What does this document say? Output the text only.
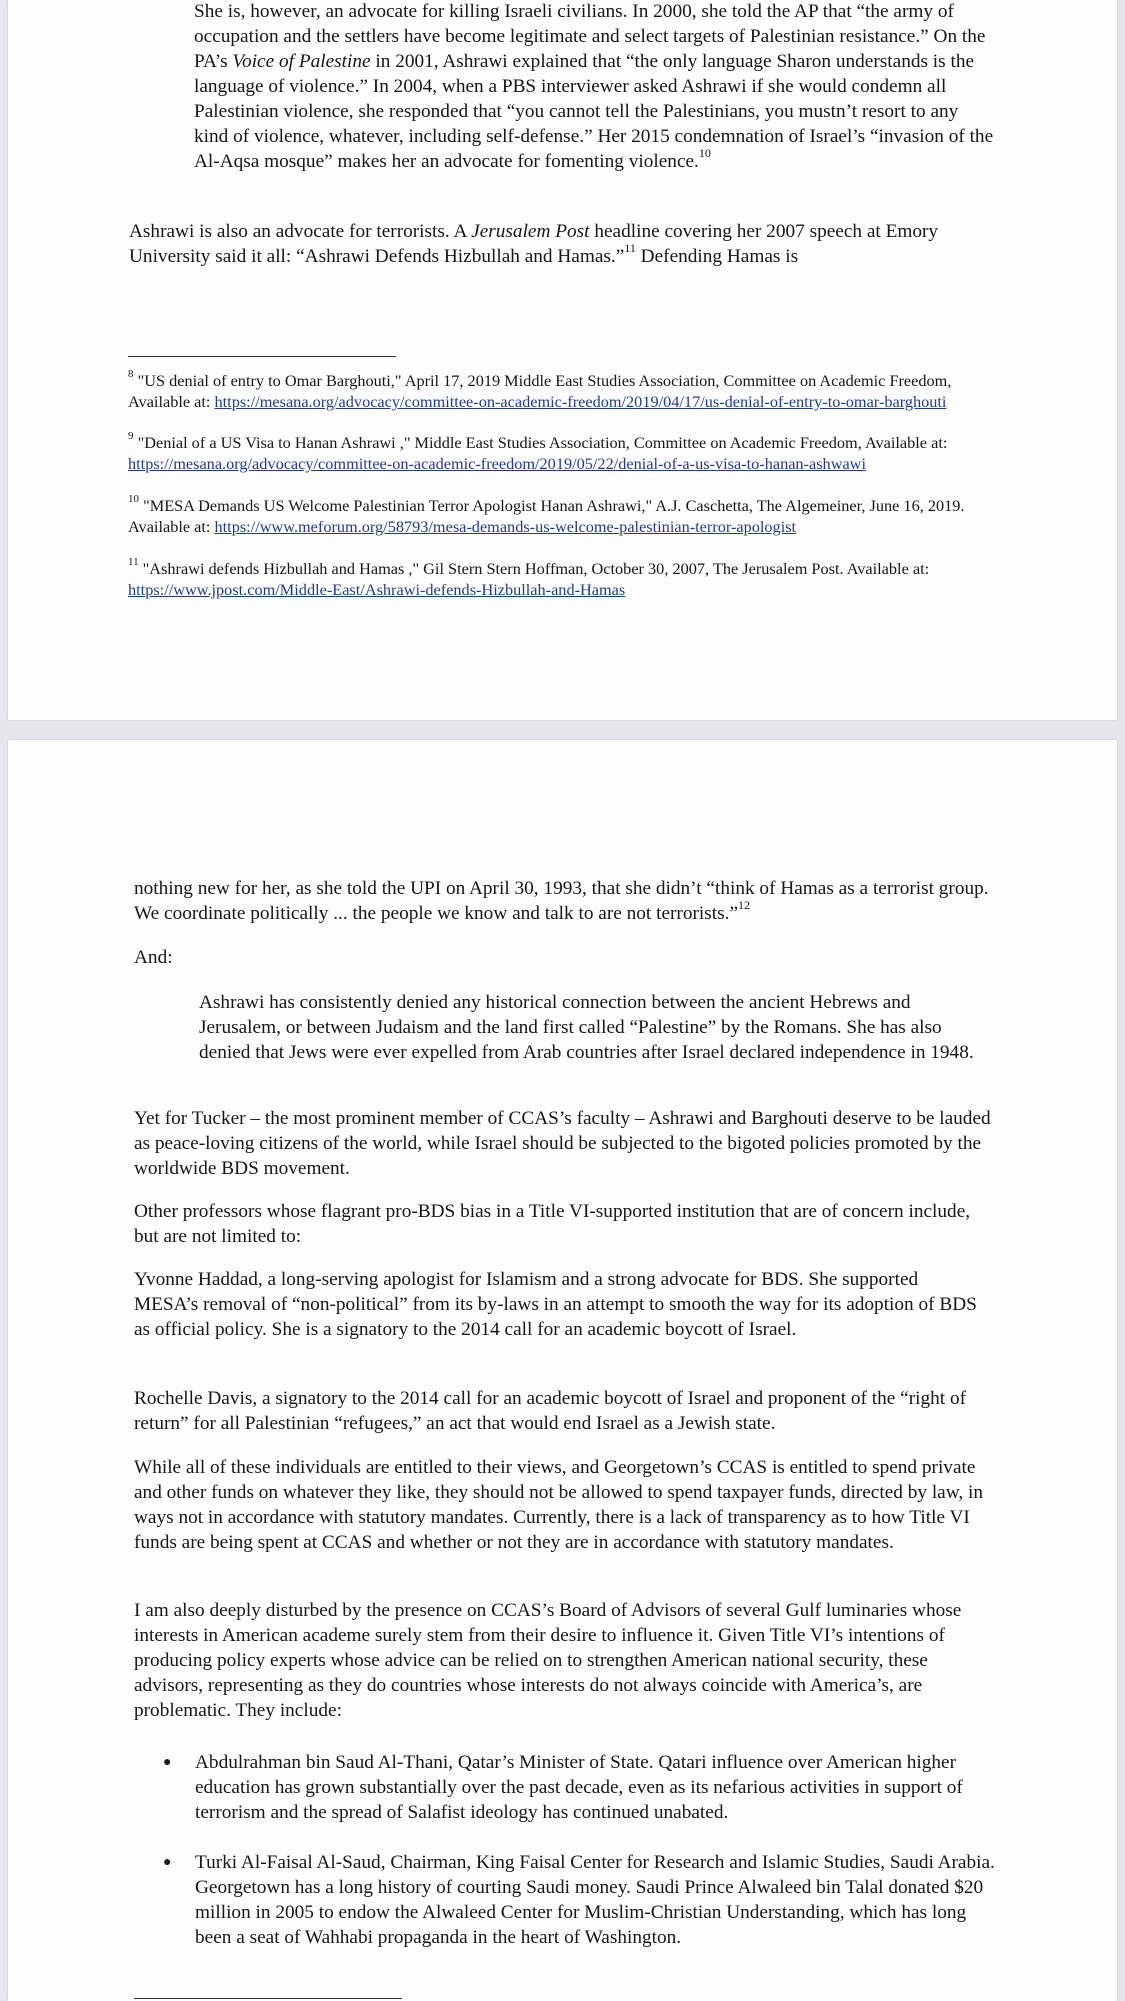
She is, however, an advocate for killing Israeli civilians. In 2000, she told the AP that “the army of occupation and the settlers have become legitimate and select targets of Palestinian resistance.” On the PA’s Voice of Palestine in 2001, Ashrawi explained that “the only language Sharon understands is the language of violence.” In 2004, when a PBS interviewer asked Ashrawi if she would condemn all Palestinian violence, she responded that “you cannot tell the Palestinians, you mustn’t resort to any kind of violence, whatever, including self-defense.” Her 2015 condemnation of Israel’s “invasion of the Al-Aqsa mosque” makes her an advocate for fomenting violence.$^{10}$

Ashrawi is also an advocate for terrorists. A Jerusalem Post headline covering her 2007 speech at Emory University said it all: “Ashrawi Defends Hizbullah and Hamas.”$^{11}$ Defending Hamas is

$^8$ "US denial of entry to Omar Barghouti," April 17, 2019 Middle East Studies Association, Committee on Academic Freedom, Available at: https://mesana.org/advocacy/committee-on-academic-freedom/2019/04/17/us-denial-of-entry-to-omar-barghouti

$^9$ "Denial of a US Visa to Hanan Ashrawi ," Middle East Studies Association, Committee on Academic Freedom, Available at: https://mesana.org/advocacy/committee-on-academic-freedom/2019/05/22/denial-of-a-us-visa-to-hanan-ashwawi

$^{10}$ "MESA Demands US Welcome Palestinian Terror Apologist Hanan Ashrawi," A.J. Caschetta, The Algemeiner, June 16, 2019. Available at: https://www.meforum.org/58793/mesa-demands-us-welcome-palestinian-terror-apologist

$^{11}$ "Ashrawi defends Hizbullah and Hamas ," Gil Stern Stern Hoffman, October 30, 2007, The Jerusalem Post. Available at: https://www.jpost.com/Middle-East/Ashrawi-defends-Hizbullah-and-Hamas

nothing new for her, as she told the UPI on April 30, 1993, that she didn’t “think of Hamas as a terrorist group. We coordinate politically ... the people we know and talk to are not terrorists.”$^{12}$

And:

Ashrawi has consistently denied any historical connection between the ancient Hebrews and Jerusalem, or between Judaism and the land first called “Palestine” by the Romans. She has also denied that Jews were ever expelled from Arab countries after Israel declared independence in 1948.

Yet for Tucker – the most prominent member of CCAS’s faculty – Ashrawi and Barghouti deserve to be lauded as peace-loving citizens of the world, while Israel should be subjected to the bigoted policies promoted by the worldwide BDS movement.

Other professors whose flagrant pro-BDS bias in a Title VI-supported institution that are of concern include, but are not limited to:

Yvonne Haddad, a long-serving apologist for Islamism and a strong advocate for BDS. She supported MESA’s removal of “non-political” from its by-laws in an attempt to smooth the way for its adoption of BDS as official policy. She is a signatory to the 2014 call for an academic boycott of Israel.

Rochelle Davis, a signatory to the 2014 call for an academic boycott of Israel and proponent of the “right of return” for all Palestinian “refugees,” an act that would end Israel as a Jewish state.

While all of these individuals are entitled to their views, and Georgetown’s CCAS is entitled to spend private and other funds on whatever they like, they should not be allowed to spend taxpayer funds, directed by law, in ways not in accordance with statutory mandates. Currently, there is a lack of transparency as to how Title VI funds are being spent at CCAS and whether or not they are in accordance with statutory mandates.

I am also deeply disturbed by the presence on CCAS’s Board of Advisors of several Gulf luminaries whose interests in American academe surely stem from their desire to influence it. Given Title VI’s intentions of producing policy experts whose advice can be relied on to strengthen American national security, these advisors, representing as they do countries whose interests do not always coincide with America’s, are problematic. They include:

● Abdulrahman bin Saud Al-Thani, Qatar’s Minister of State. Qatari influence over American higher education has grown substantially over the past decade, even as its nefarious activities in support of terrorism and the spread of Salafist ideology has continued unabated.

● Turki Al-Faisal Al-Saud, Chairman, King Faisal Center for Research and Islamic Studies, Saudi Arabia. Georgetown has a long history of courting Saudi money. Saudi Prince Alwaleed bin Talal donated $20 million in 2005 to endow the Alwaleed Center for Muslim-Christian Understanding, which has long been a seat of Wahhabi propaganda in the heart of Washington.
